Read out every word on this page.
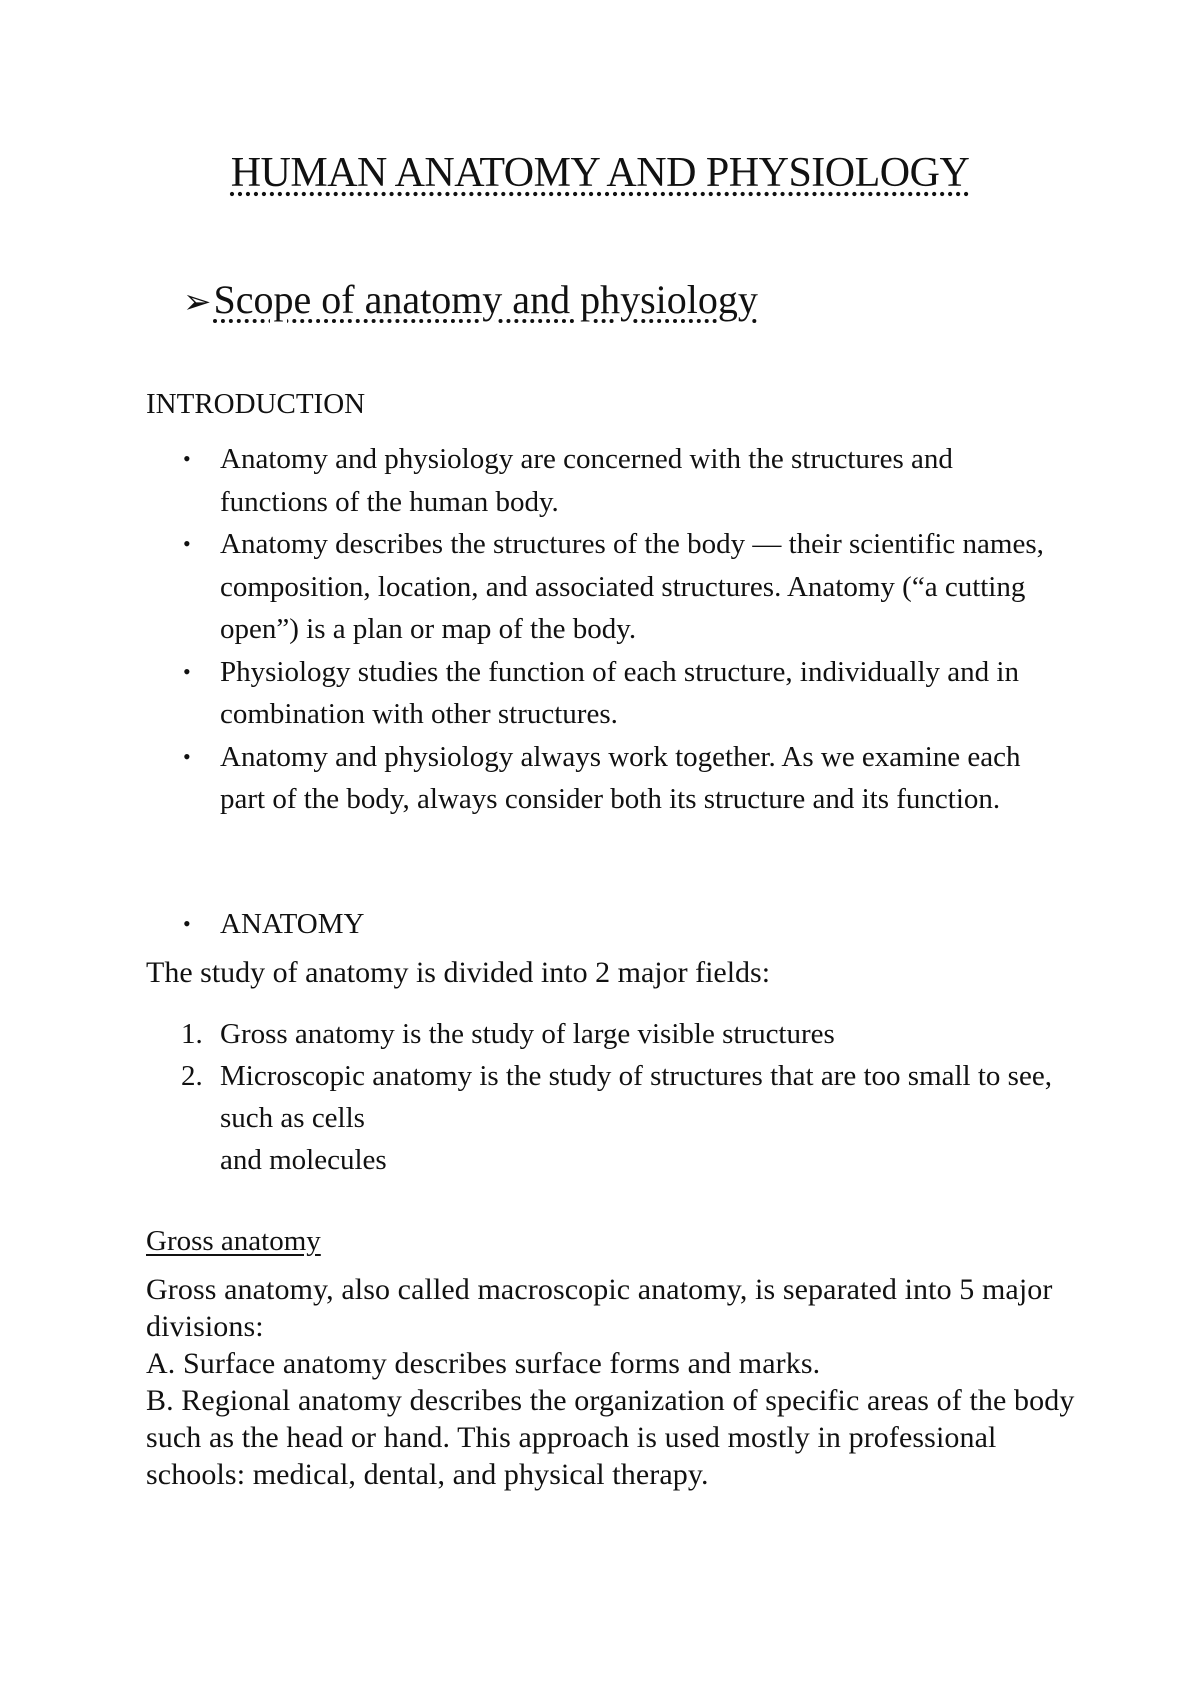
HUMAN ANATOMY AND PHYSIOLOGY
➢ Scope of anatomy and physiology
INTRODUCTION
• Anatomy and physiology are concerned with the structures and functions of the human body.
• Anatomy describes the structures of the body — their scientific names, composition, location, and associated structures. Anatomy (“a cutting open”) is a plan or map of the body.
• Physiology studies the function of each structure, individually and in combination with other structures.
• Anatomy and physiology always work together. As we examine each part of the body, always consider both its structure and its function.
• ANATOMY

The study of anatomy is divided into 2 major fields:

1. Gross anatomy is the study of large visible structures
2. Microscopic anatomy is the study of structures that are too small to see, such as cells
and molecules
Gross anatomy

Gross anatomy, also called macroscopic anatomy, is separated into 5 major divisions:

A. Surface anatomy describes surface forms and marks.

B. Regional anatomy describes the organization of specific areas of the body such as the head or hand. This approach is used mostly in professional schools: medical, dental, and physical therapy.
